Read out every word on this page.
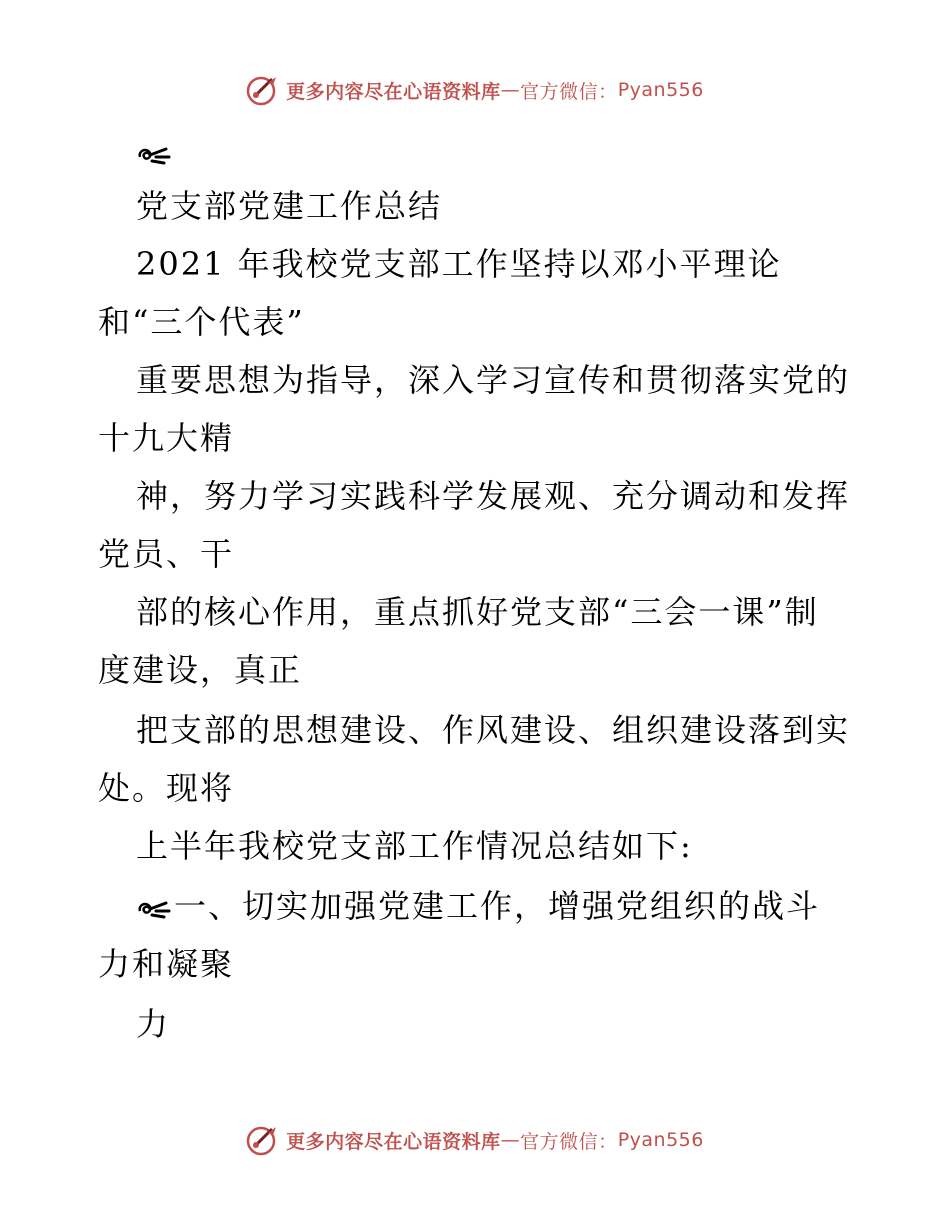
更多内容尽在心语资料库 — 官方微信： Pyan556
党支部党建工作总结
2021 年我校党支部工作坚持以邓小平理论
和“三个代表”
重要思想为指导，深入学习宣传和贯彻落实党的
十九大精
神，努力学习实践科学发展观、充分调动和发挥
党员、干
部的核心作用，重点抓好党支部“三会一课”制
度建设，真正
把支部的思想建设、作风建设、组织建设落到实
处。现将
上半年我校党支部工作情况总结如下:
一、切实加强党建工作，增强党组织的战斗
力和凝聚
力
更多内容尽在心语资料库 — 官方微信： Pyan556
